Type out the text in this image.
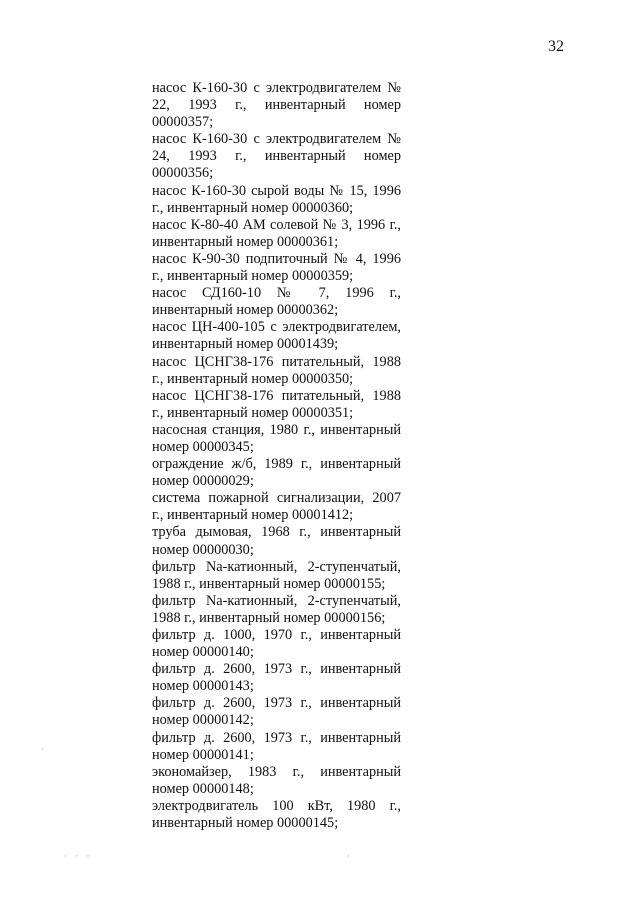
32

насос К-160-30 с электродвигателем № 22, 1993 г., инвентарный номер 00000357;

насос К-160-30 с электродвигателем № 24, 1993 г., инвентарный номер 00000356;

насос К-160-30 сырой воды № 15, 1996 г., инвентарный номер 00000360;

насос К-80-40 АМ солевой № 3, 1996 г., инвентарный номер 00000361;

насос К-90-30 подпиточный № 4, 1996 г., инвентарный номер 00000359;

насос СД160-10 № 7, 1996 г., инвентарный номер 00000362;

насос ЦН-400-105 с электродвигателем, инвентарный номер 00001439;

насос ЦСНГ38-176 питательный, 1988 г., инвентарный номер 00000350;

насос ЦСНГ38-176 питательный, 1988 г., инвентарный номер 00000351;

насосная станция, 1980 г., инвентарный номер 00000345;

ограждение ж/б, 1989 г., инвентарный номер 00000029;

система пожарной сигнализации, 2007 г., инвентарный номер 00001412;

труба дымовая, 1968 г., инвентарный номер 00000030;

фильтр Na-катионный, 2-ступенчатый, 1988 г., инвентарный номер 00000155;

фильтр Na-катионный, 2-ступенчатый, 1988 г., инвентарный номер 00000156;

фильтр д. 1000, 1970 г., инвентарный номер 00000140;

фильтр д. 2600, 1973 г., инвентарный номер 00000143;

фильтр д. 2600, 1973 г., инвентарный номер 00000142;

фильтр д. 2600, 1973 г., инвентарный номер 00000141;

экономайзер, 1983 г., инвентарный номер 00000148;

электродвигатель 100 кВт, 1980 г., инвентарный номер 00000145;

·
· · ·	·
